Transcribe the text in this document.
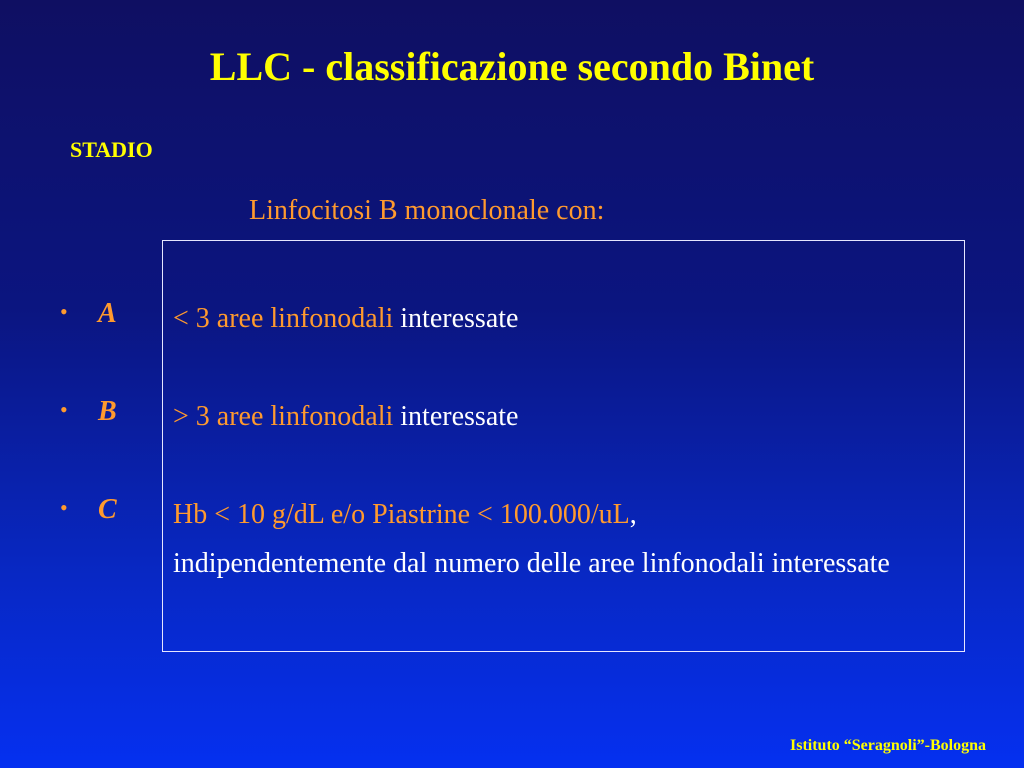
LLC - classificazione secondo Binet
STADIO
Linfocitosi B monoclonale con:
• A
• B
• C
< 3 aree linfonodali interessate
> 3 aree linfonodali interessate
Hb < 10 g/dL e/o Piastrine < 100.000/uL,
indipendentemente dal numero delle aree linfonodali interessate
Istituto “Seragnoli”-Bologna
